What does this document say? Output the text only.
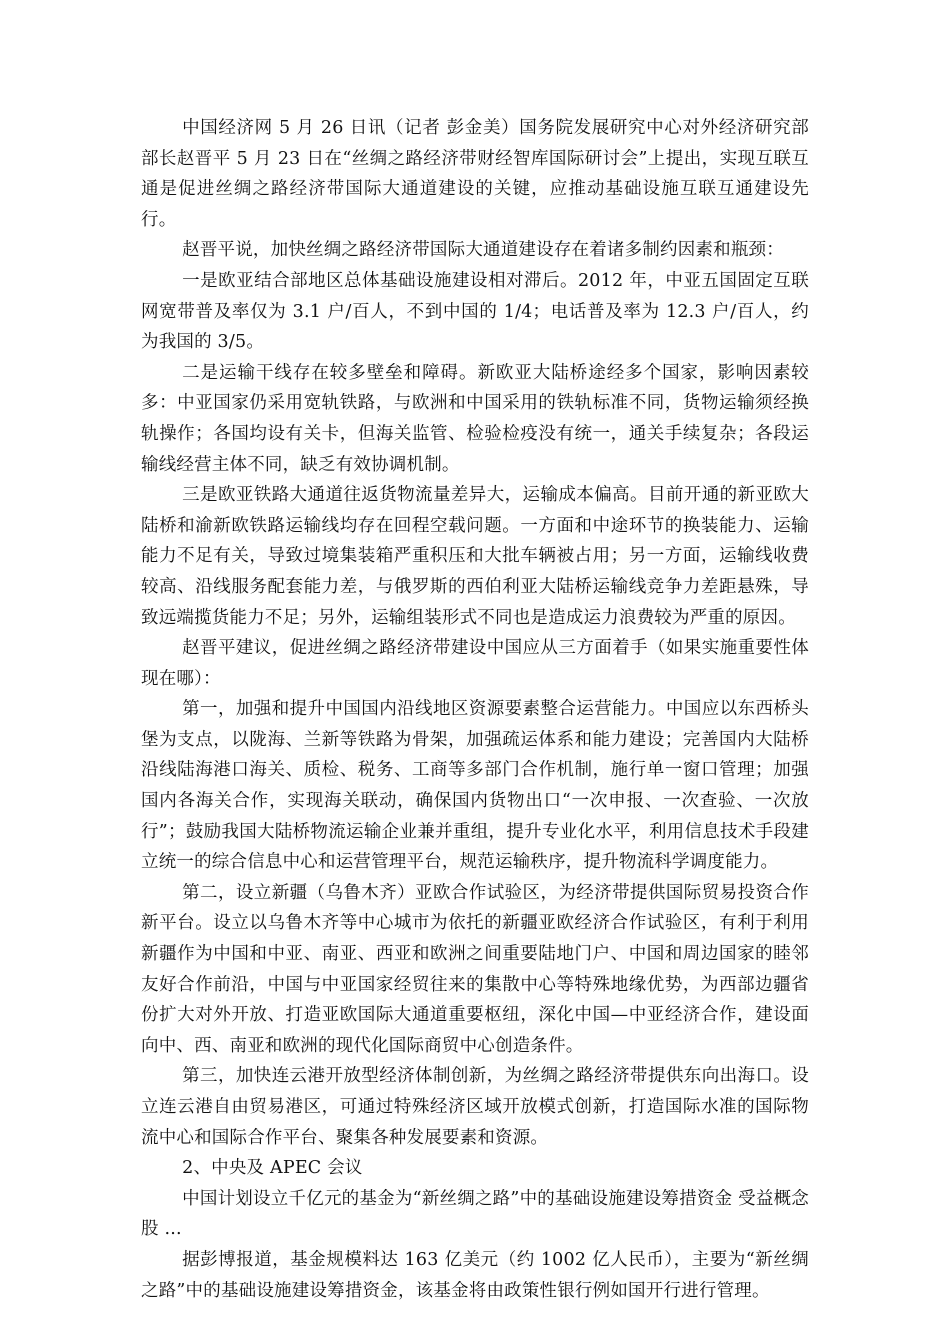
中国经济网 5 月 26 日讯（记者 彭金美）国务院发展研究中心对外经济研究部部长赵晋平 5 月 23 日在“丝绸之路经济带财经智库国际研讨会”上提出，实现互联互通是促进丝绸之路经济带国际大通道建设的关键，应推动基础设施互联互通建设先行。

赵晋平说，加快丝绸之路经济带国际大通道建设存在着诸多制约因素和瓶颈：

一是欧亚结合部地区总体基础设施建设相对滞后。2012 年，中亚五国固定互联网宽带普及率仅为 3.1 户/百人，不到中国的 1/4；电话普及率为 12.3 户/百人，约为我国的 3/5。

二是运输干线存在较多壁垒和障碍。新欧亚大陆桥途经多个国家，影响因素较多：中亚国家仍采用宽轨铁路，与欧洲和中国采用的铁轨标准不同，货物运输须经换轨操作；各国均设有关卡，但海关监管、检验检疫没有统一，通关手续复杂；各段运输线经营主体不同，缺乏有效协调机制。

三是欧亚铁路大通道往返货物流量差异大，运输成本偏高。目前开通的新亚欧大陆桥和渝新欧铁路运输线均存在回程空载问题。一方面和中途环节的换装能力、运输能力不足有关，导致过境集装箱严重积压和大批车辆被占用；另一方面，运输线收费较高、沿线服务配套能力差，与俄罗斯的西伯利亚大陆桥运输线竞争力差距悬殊，导致远端揽货能力不足；另外，运输组装形式不同也是造成运力浪费较为严重的原因。

赵晋平建议，促进丝绸之路经济带建设中国应从三方面着手（如果实施重要性体现在哪）：

第一，加强和提升中国国内沿线地区资源要素整合运营能力。中国应以东西桥头堡为支点，以陇海、兰新等铁路为骨架，加强疏运体系和能力建设；完善国内大陆桥沿线陆海港口海关、质检、税务、工商等多部门合作机制，施行单一窗口管理；加强国内各海关合作，实现海关联动，确保国内货物出口“一次申报、一次查验、一次放行”；鼓励我国大陆桥物流运输企业兼并重组，提升专业化水平，利用信息技术手段建立统一的综合信息中心和运营管理平台，规范运输秩序，提升物流科学调度能力。

第二，设立新疆（乌鲁木齐）亚欧合作试验区，为经济带提供国际贸易投资合作新平台。设立以乌鲁木齐等中心城市为依托的新疆亚欧经济合作试验区，有利于利用新疆作为中国和中亚、南亚、西亚和欧洲之间重要陆地门户、中国和周边国家的睦邻友好合作前沿，中国与中亚国家经贸往来的集散中心等特殊地缘优势，为西部边疆省份扩大对外开放、打造亚欧国际大通道重要枢纽，深化中国—中亚经济合作，建设面向中、西、南亚和欧洲的现代化国际商贸中心创造条件。

第三，加快连云港开放型经济体制创新，为丝绸之路经济带提供东向出海口。设立连云港自由贸易港区，可通过特殊经济区域开放模式创新，打造国际水准的国际物流中心和国际合作平台、聚集各种发展要素和资源。

2、中央及 APEC 会议

中国计划设立千亿元的基金为“新丝绸之路”中的基础设施建设筹措资金 受益概念股 ...

据彭博报道，基金规模料达 163 亿美元（约 1002 亿人民币），主要为“新丝绸之路”中的基础设施建设筹措资金，该基金将由政策性银行例如国开行进行管理。
